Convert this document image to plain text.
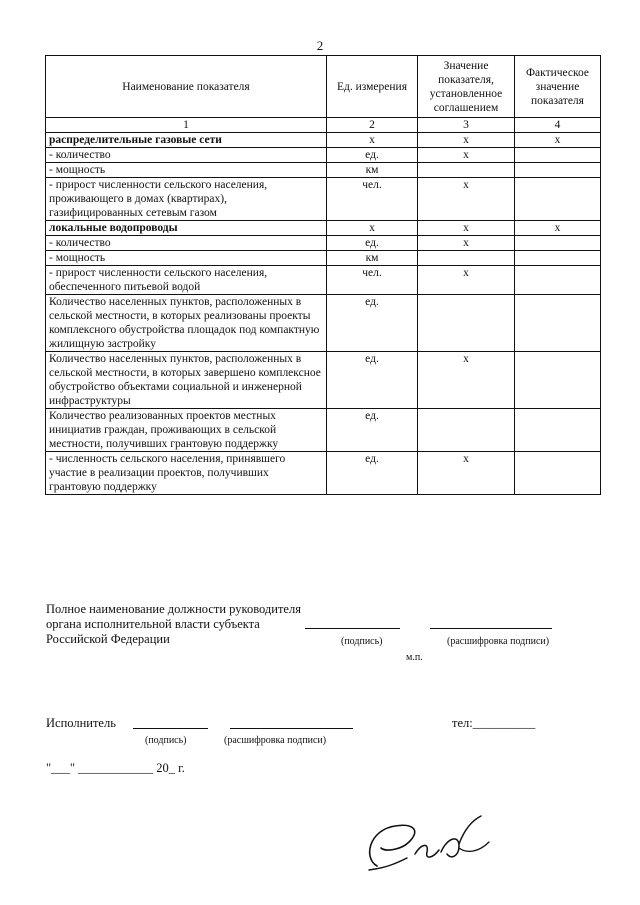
2
Наименование показателя	Ед. измерения	Значение показателя, установленное соглашением	Фактическое значение показателя
1	2	3	4
распределительные газовые сети	х	х	х
- количество	ед.	х	
- мощность	км		
- прирост численности сельского населения, проживающего в домах (квартирах), газифицированных сетевым газом	чел.	х	
локальные водопроводы	х	х	х
- количество	ед.	х	
- мощность	км		
- прирост численности сельского населения, обеспеченного питьевой водой	чел.	х	
Количество населенных пунктов, расположенных в сельской местности, в которых реализованы проекты комплексного обустройства площадок под компактную жилищную застройку	ед.		
Количество населенных пунктов, расположенных в сельской местности, в которых завершено комплексное обустройство объектами социальной и инженерной инфраструктуры	ед.	х	
Количество реализованных проектов местных инициатив граждан, проживающих в сельской местности, получивших грантовую поддержку	ед.		
- численность сельского населения, принявшего участие в реализации проектов, получивших грантовую поддержку	ед.	х	
Полное наименование должности руководителя
органа исполнительной власти субъекта
Российской Федерации	(подпись)	(расшифровка подписи)
м.п.
Исполнитель
(подпись)	(расшифровка подписи)
тел:__________
"___" ____________ 20_ г.
